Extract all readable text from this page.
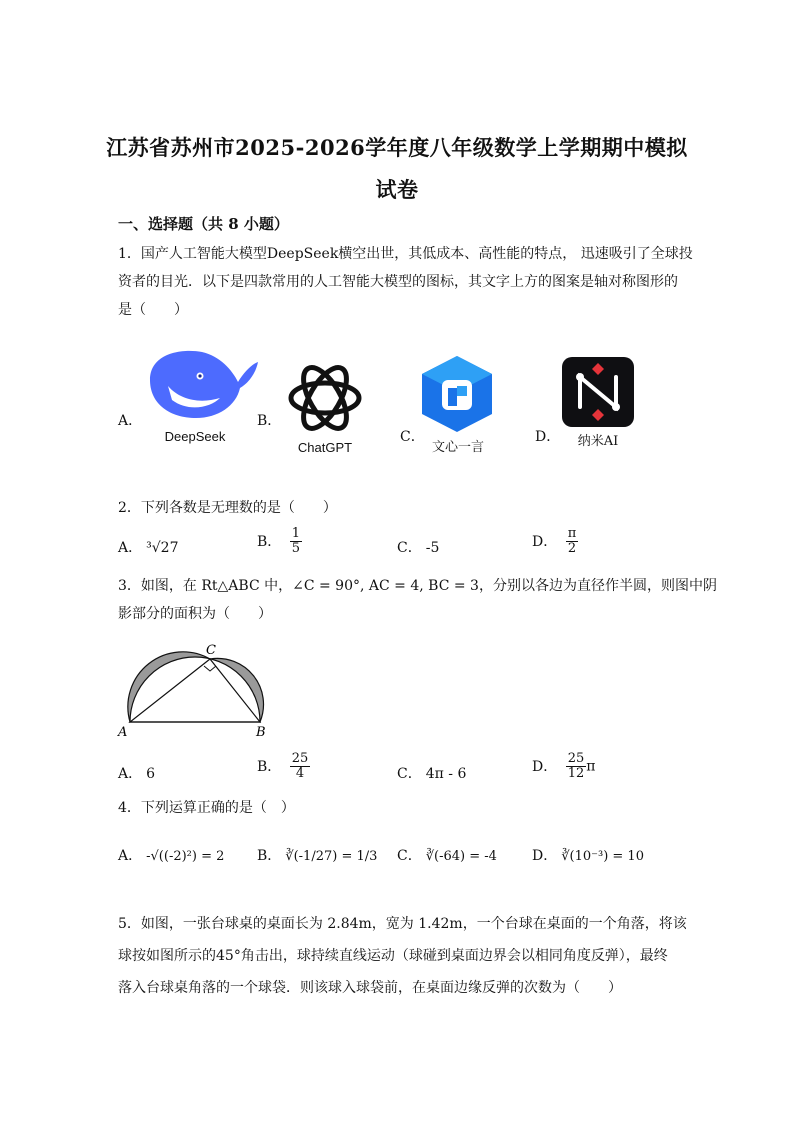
江苏省苏州市2025-2026学年度八年级数学上学期期中模拟
试卷
一、选择题（共 8 小题）
1．国产人工智能大模型DeepSeek横空出世，其低成本、高性能的特点， 迅速吸引了全球投
资者的目光．以下是四款常用的人工智能大模型的图标，其文字上方的图案是轴对称图形的
是（　　）
A．
DeepSeek
B．
ChatGPT
C．
文心一言
D．	纳米AI
2．下列各数是无理数的是（　　）
A． ³√27	B． $\frac{1}{5}$	C． -5	D． $\frac{\pi}{2}$
3．如图，在 Rt△ABC 中，∠C = 90°, AC = 4, BC = 3，分别以各边为直径作半圆，则图中阴
影部分的面积为（　　）
A	B
C
A． 6	B． $\frac{25}{4}$	C． 4π - 6	D． $\frac{25}{12}$ π
4．下列运算正确的是（　）
A． -√((-2)²) = 2 B． ∛(-1/27) = 1/3 C． ∛(-64) = -4	D． ∛(10⁻³) = 10
5．如图，一张台球桌的桌面长为 2.84m，宽为 1.42m，一个台球在桌面的一个角落，将该
球按如图所示的45°角击出，球持续直线运动（球碰到桌面边界会以相同角度反弹），最终
落入台球桌角落的一个球袋．则该球入球袋前，在桌面边缘反弹的次数为（　　）
